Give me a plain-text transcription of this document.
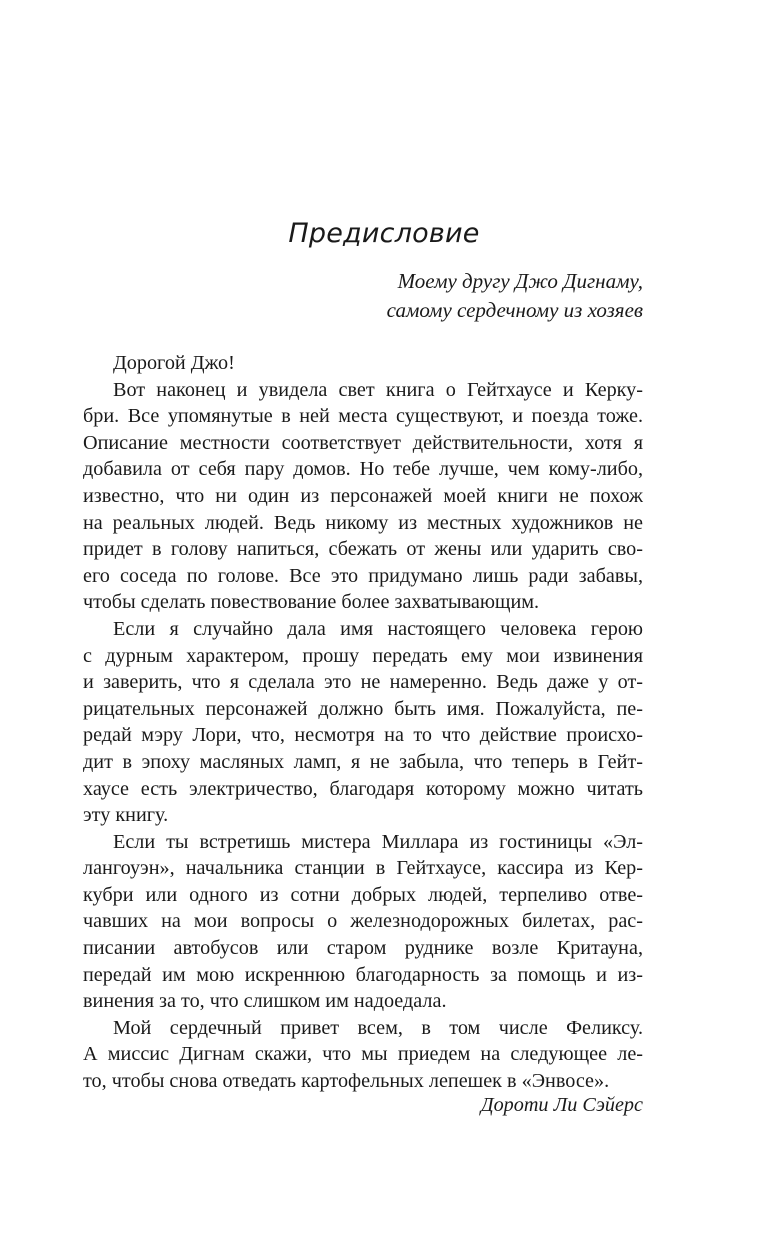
Предисловие
Моему другу Джо Дигнаму,
самому сердечному из хозяев
Дорогой Джо!
Вот наконец и увидела свет книга о Гейтхаусе и Керку-
бри. Все упомянутые в ней места существуют, и поезда тоже.
Описание местности соответствует действительности, хотя я
добавила от себя пару домов. Но тебе лучше, чем кому-либо,
известно, что ни один из персонажей моей книги не похож
на реальных людей. Ведь никому из местных художников не
придет в голову напиться, сбежать от жены или ударить сво-
его соседа по голове. Все это придумано лишь ради забавы,
чтобы сделать повествование более захватывающим.
Если я случайно дала имя настоящего человека герою
с дурным характером, прошу передать ему мои извинения
и заверить, что я сделала это не намеренно. Ведь даже у от-
рицательных персонажей должно быть имя. Пожалуйста, пе-
редай мэру Лори, что, несмотря на то что действие происхо-
дит в эпоху масляных ламп, я не забыла, что теперь в Гейт-
хаусе есть электричество, благодаря которому можно читать
эту книгу.
Если ты встретишь мистера Миллара из гостиницы «Эл-
лангоуэн», начальника станции в Гейтхаусе, кассира из Кер-
кубри или одного из сотни добрых людей, терпеливо отве-
чавших на мои вопросы о железнодорожных билетах, рас-
писании автобусов или старом руднике возле Критауна,
передай им мою искреннюю благодарность за помощь и из-
винения за то, что слишком им надоедала.
Мой сердечный привет всем, в том числе Феликсу.
А миссис Дигнам скажи, что мы приедем на следующее ле-
то, чтобы снова отведать картофельных лепешек в «Энвосе».
Дороти Ли Сэйерс
